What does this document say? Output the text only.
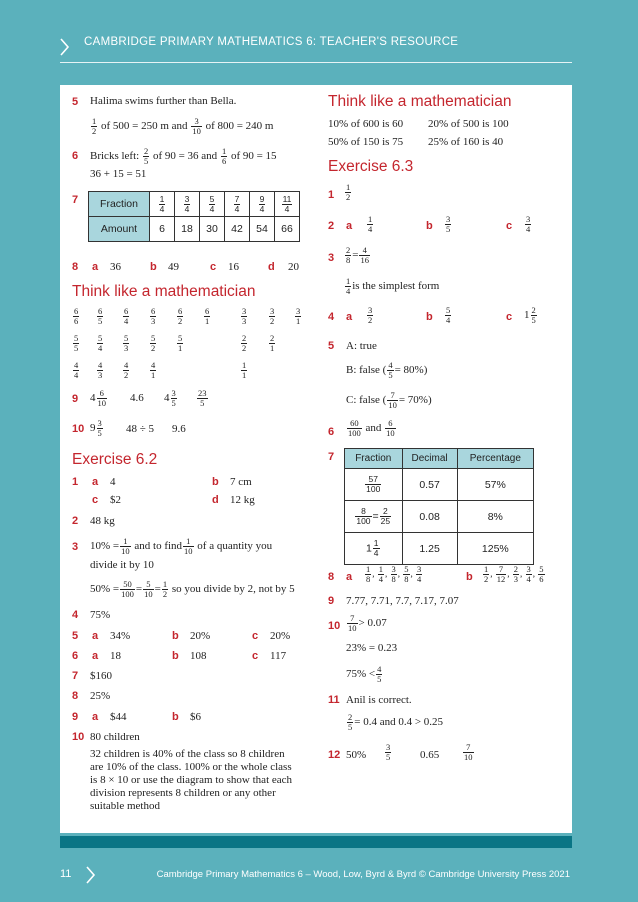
CAMBRIDGE PRIMARY MATHEMATICS 6: TEACHER'S RESOURCE
5 Halima swims further than Bella.
$\frac{1}{2}$ of 500 = 250 m and $\frac{3}{10}$ of 800 = 240 m
6 Bricks left: $\frac{2}{5}$ of 90 = 36 and $\frac{1}{6}$ of 90 = 15
36 + 15 = 51
7 Fraction	$\frac{1}{4}$	$\frac{3}{4}$	$\frac{5}{4}$	$\frac{7}{4}$	$\frac{9}{4}$	$\frac{11}{4}$

Amount	6	18	30	42	54	66
8 a 36	b 49	c 16	d 20
Think like a mathematician
$\frac{6}{6} \frac{6}{5} \frac{6}{4} \frac{6}{3} \frac{6}{2} \frac{6}{1}$	$\frac{3}{3}$	$\frac{3}{2} \frac{3}{1}$
$\frac{5}{5} \frac{5}{4} \frac{5}{3} \frac{5}{2} \frac{5}{1}$	$\frac{2}{2}$	$\frac{2}{1}$
$\frac{4}{4} \frac{4}{3} \frac{4}{2} \frac{4}{1}$	$\frac{1}{1}$
9 $4 \frac{6}{10} 4.6$ $4 \frac{3}{5} \frac{23}{5}$
10 $9 \frac{3}{5} 48 \div 5$ 9.6
Exercise 6.2
1 a 4	b 7 cm
c $2	d 12 kg
2 48 kg
3 $10\% = \frac{1}{10}$ and to find $\frac{1}{10}$ of a quantity you
divide it by 10
$50\% = \frac{50}{100} = \frac{5}{10} = \frac{1}{2}$ so you divide by 2, not by 5
4 75%
5 a 34%	b 20%	c 20%
6 a 18	b 108	c 117
7 $160
8 25%
9 a $44	b $6
10 80 children
32 children is 40% of the class so 8 children
are 10% of the class. 100% or the whole class
is 8 × 10 or use the diagram to show that each
division represents 8 children or any other
suitable method
Think like a mathematician
10% of 600 is 60 20% of 500 is 100
50% of 150 is 75 25% of 160 is 40
Exercise 6.3
$1 \frac{1}{2}$
2 a $\frac{1}{4}$	b $\frac{3}{5}$	c $\frac{3}{4}$
$3 \frac{2}{8} = \frac{4}{16}$
$\frac{1}{4}$ is the simplest form
4 a $\frac{3}{2}$	b $\frac{5}{4}$	c $1 \frac{2}{5}$
5 A: true
B: false ( $\frac{4}{5} = 80\%$)
C: false ( $\frac{7}{10} = 70\%$)
$6 \frac{60}{100}$ and $\frac{6}{10}$
7 Fraction	Decimal	Percentage

$\frac{57}{100}$	0.57	57%

$\frac{8}{100} = \frac{2}{25}$	0.08	8%
$1 \frac{1}{4}$	1.25	125%
8 a $\frac{1}{8}$ , $\frac{1}{4}$ , $\frac{3}{8}$ , $\frac{5}{8}$ , $\frac{3}{4}$	b $\frac{1}{2}$ , $\frac{7}{12}$ , $\frac{2}{3}$ , $\frac{3}{4}$ , $\frac{5}{6}$
9 7.77, 7.71, 7.7, 7.17, 7.07
$10 \frac{7}{10} > 0.07$
23% = 0.23
$75\% < \frac{4}{5}$
11 Anil is correct.
$\frac{2}{5} = 0.4$ and 0.4 > 0.25
12 $50\% \frac{3}{5}$	0.65	$\frac{7}{10}$
11	Cambridge Primary Mathematics 6 – Wood, Low, Byrd & Byrd © Cambridge University Press 2021
